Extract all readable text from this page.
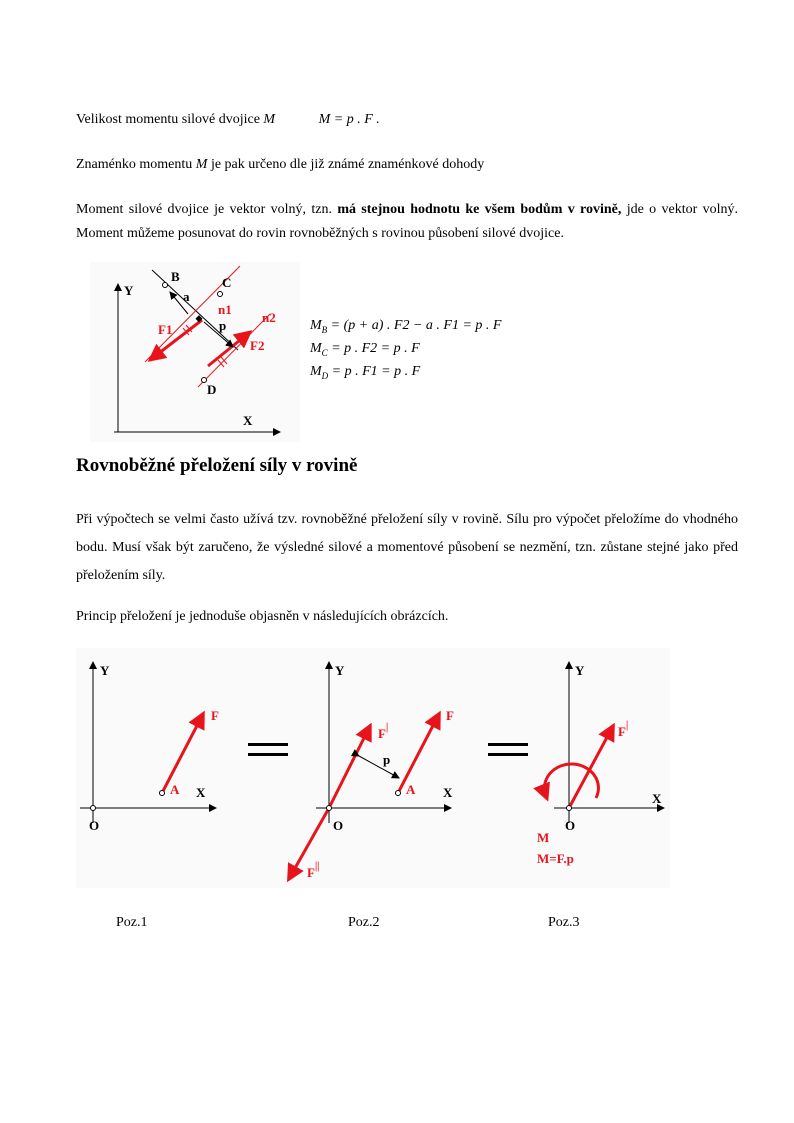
Velikost momentu silové dvojice M	M = p . F .

Znaménko momentu M je pak určeno dle již známé znaménkové dohody

Moment silové dvojice je vektor volný, tzn. má stejnou hodnotu ke všem bodům v rovině, jde o vektor volný. Moment můžeme posunovat do rovin rovnoběžných s rovinou působení silové dvojice.

Y
X
B	C
D
a
p
n1
n2
F1
F2
$M_B = (p + a)$ . F2 − a . F1 = p . F
$M_C = p$ . F2 = p . F
$M_D = p$ . F1 = p . F
Rovnoběžné přeložení síly v rovině

Při výpočtech se velmi často užívá tzv. rovnoběžné přeložení síly v rovině. Sílu pro výpočet přeložíme do vhodného bodu. Musí však být zaručeno, že výsledné silové a momentové působení se nezmění, tzn. zůstane stejné jako před přeložením síly.

Princip přeložení je jednoduše objasněn v následujících obrázcích.

Y
X
O
A
F
Y
X
O
A
F
F|
F||
p
Y
X
O
F|
M
M=F.p
Poz.1	Poz.2	Poz.3
